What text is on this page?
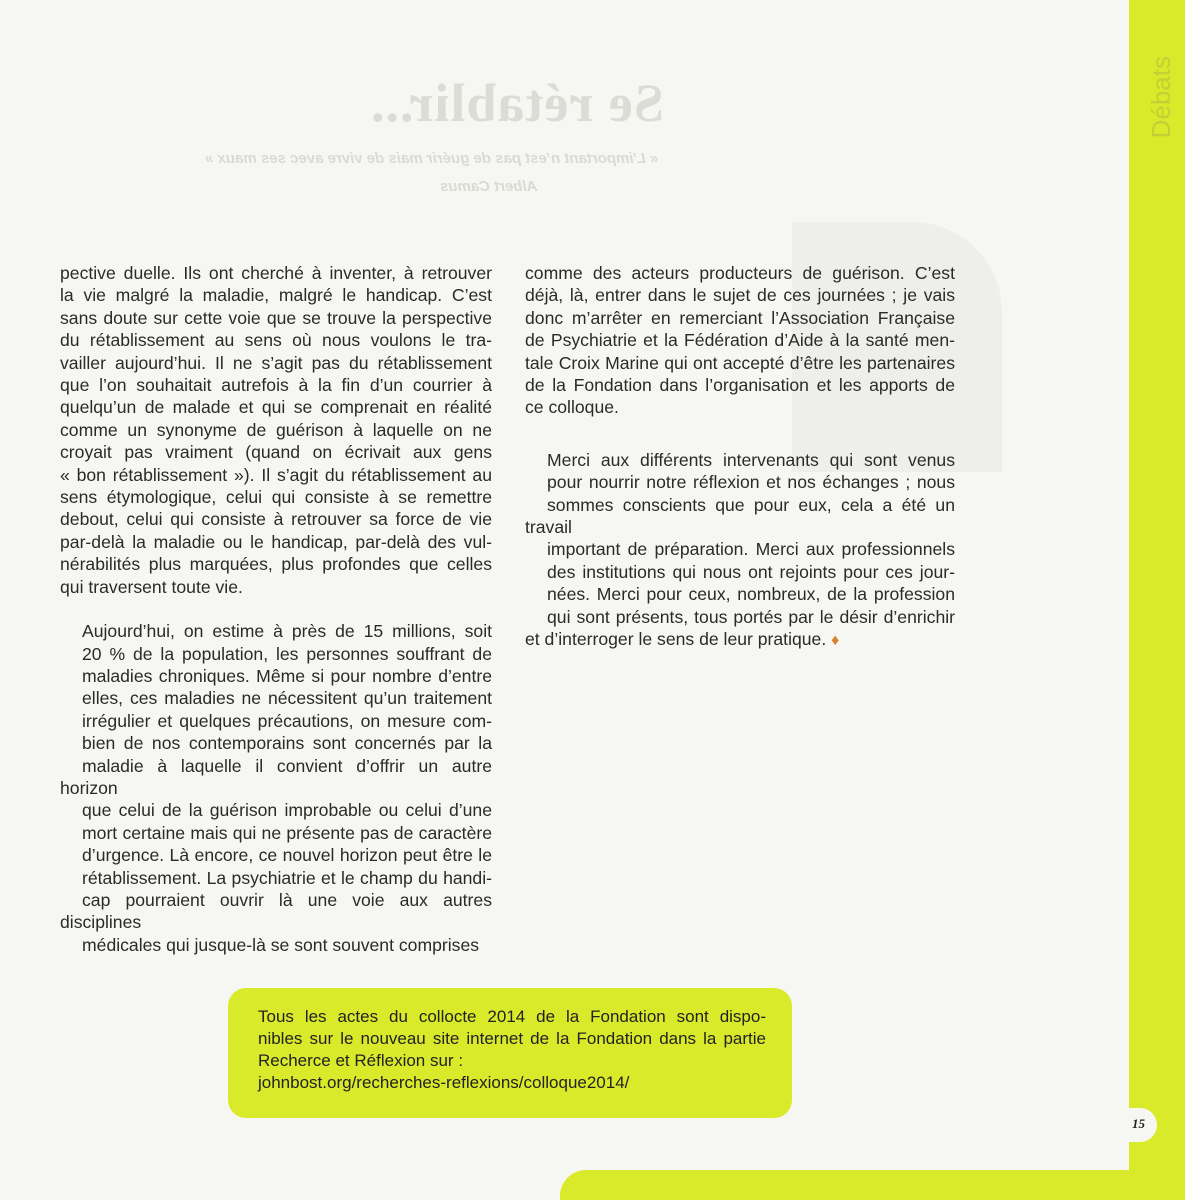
Se rétablir...
« L’important n’est pas de guérir mais de vivre avec ses maux »
Albert Camus
Débats

pective duelle. Ils ont cherché à inventer, à retrouver
la vie malgré la maladie, malgré le handicap. C’est
sans doute sur cette voie que se trouve la perspective
du rétablissement au sens où nous voulons le tra-
vailler aujourd’hui. Il ne s’agit pas du rétablissement
que l’on souhaitait autrefois à la fin d’un courrier à
quelqu’un de malade et qui se comprenait en réalité
comme un synonyme de guérison à laquelle on ne
croyait pas vraiment (quand on écrivait aux gens
« bon rétablissement »). Il s’agit du rétablissement au
sens étymologique, celui qui consiste à se remettre
debout, celui qui consiste à retrouver sa force de vie
par-delà la maladie ou le handicap, par-delà des vul-
nérabilités plus marquées, plus profondes que celles
qui traversent toute vie.

Aujourd’hui, on estime à près de 15 millions, soit
20 % de la population, les personnes souffrant de
maladies chroniques. Même si pour nombre d’entre
elles, ces maladies ne nécessitent qu’un traitement
irrégulier et quelques précautions, on mesure com-
bien de nos contemporains sont concernés par la
maladie à laquelle il convient d’offrir un autre horizon
que celui de la guérison improbable ou celui d’une
mort certaine mais qui ne présente pas de caractère
d’urgence. Là encore, ce nouvel horizon peut être le
rétablissement. La psychiatrie et le champ du handi-
cap pourraient ouvrir là une voie aux autres disciplines
médicales qui jusque-là se sont souvent comprises

comme des acteurs producteurs de guérison. C’est
déjà, là, entrer dans le sujet de ces journées ; je vais
donc m’arrêter en remerciant l’Association Française
de Psychiatrie et la Fédération d’Aide à la santé men-
tale Croix Marine qui ont accepté d’être les partenaires
de la Fondation dans l’organisation et les apports de
ce colloque.

Merci aux différents intervenants qui sont venus
pour nourrir notre réflexion et nos échanges ; nous
sommes conscients que pour eux, cela a été un travail
important de préparation. Merci aux professionnels
des institutions qui nous ont rejoints pour ces jour-
nées. Merci pour ceux, nombreux, de la profession
qui sont présents, tous portés par le désir d’enrichir
et d’interroger le sens de leur pratique. ♦

Tous les actes du collocte 2014 de la Fondation sont dispo-
nibles sur le nouveau site internet de la Fondation dans la partie
Recherce et Réflexion sur :
johnbost.org/recherches-reflexions/colloque2014/
15
